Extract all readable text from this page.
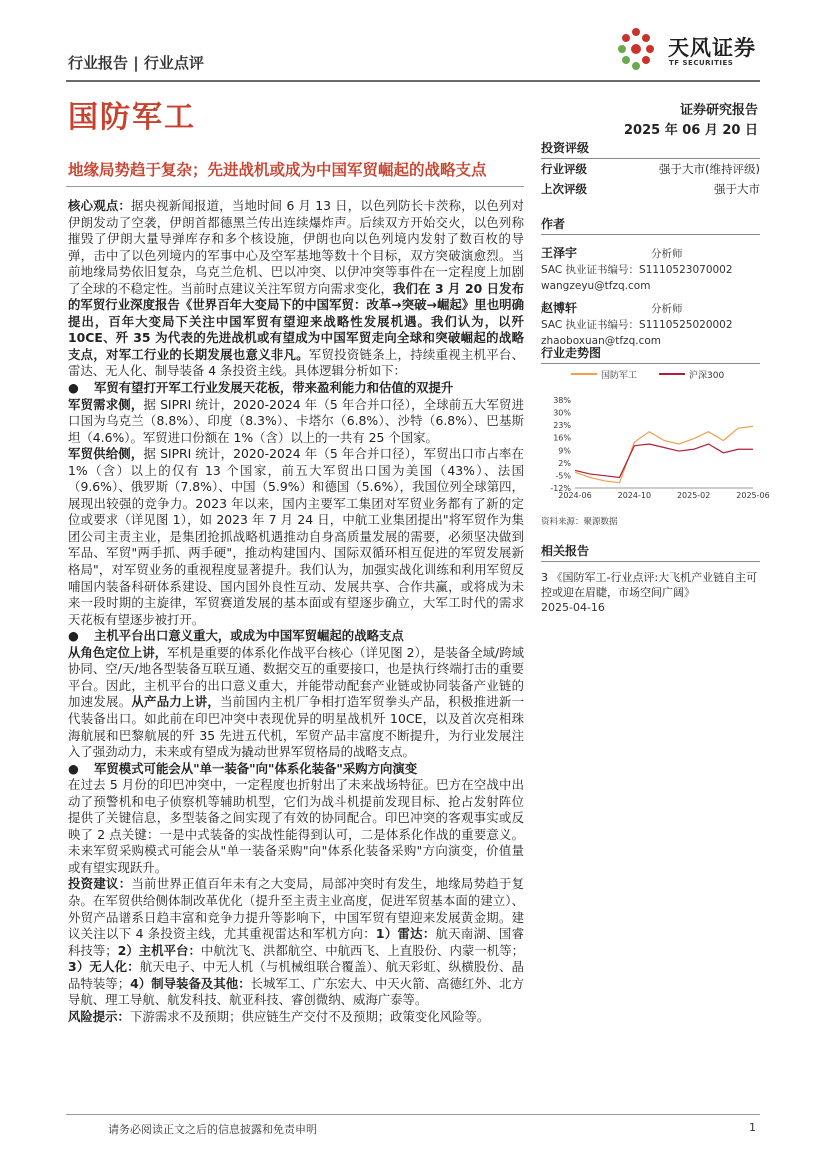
行业报告 | 行业点评
天风证券
TF SECURITIES
国防军工	证券研究报告
2025 年 06 月 20 日
地缘局势趋于复杂；先进战机或成为中国军贸崛起的战略支点

核心观点：据央视新闻报道，当地时间 6 月 13 日，以色列防长卡茨称，以色列对伊朗发动了空袭，伊朗首都德黑兰传出连续爆炸声。后续双方开始交火，以色列称摧毁了伊朗大量导弹库存和多个核设施，伊朗也向以色列境内发射了数百枚的导弹，击中了以色列境内的军事中心及空军基地等数十个目标，双方突破演愈烈。当前地缘局势依旧复杂，乌克兰危机、巴以冲突、以伊冲突等事件在一定程度上加剧了全球的不稳定性。当前时点建议关注军贸方向需求变化，我们在 3 月 20 日发布的军贸行业深度报告《世界百年大变局下的中国军贸：改革→突破→崛起》里也明确提出，百年大变局下关注中国军贸有望迎来战略性发展机遇。我们认为，以歼 10CE、歼 35 为代表的先进战机或有望成为中国军贸走向全球和突破崛起的战略支点，对军工行业的长期发展也意义非凡。军贸投资链条上，持续重视主机平台、雷达、无人化、制导装备 4 条投资主线。具体逻辑分析如下：

● 军贸有望打开军工行业发展天花板，带来盈利能力和估值的双提升

军贸需求侧，据 SIPRI 统计，2020-2024 年（5 年合并口径），全球前五大军贸进口国为乌克兰（8.8%）、印度（8.3%）、卡塔尔（6.8%）、沙特（6.8%）、巴基斯坦（4.6%）。军贸进口份额在 1%（含）以上的一共有 25 个国家。

军贸供给侧，据 SIPRI 统计，2020-2024 年（5 年合并口径），军贸出口市占率在 1%（含）以上的仅有 13 个国家，前五大军贸出口国为美国（43%）、法国（9.6%）、俄罗斯（7.8%）、中国（5.9%）和德国（5.6%），我国位列全球第四，展现出较强的竞争力。2023 年以来，国内主要军工集团对军贸业务都有了新的定位或要求（详见图 1），如 2023 年 7 月 24 日，中航工业集团提出"将军贸作为集团公司主责主业，是集团抢抓战略机遇推动自身高质量发展的需要，必须坚决做到军品、军贸"两手抓、两手硬"，推动构建国内、国际双循环相互促进的军贸发展新格局"，对军贸业务的重视程度显著提升。我们认为，加强实战化训练和利用军贸反哺国内装备科研体系建设、国内国外良性互动、发展共享、合作共赢，或将成为未来一段时期的主旋律，军贸赛道发展的基本面或有望逐步确立，大军工时代的需求天花板有望逐步被打开。

● 主机平台出口意义重大，或成为中国军贸崛起的战略支点

从角色定位上讲，军机是重要的体系化作战平台核心（详见图 2），是装备全域/跨域协同、空/天/地各型装备互联互通、数据交互的重要接口，也是执行终端打击的重要平台。因此，主机平台的出口意义重大，并能带动配套产业链或协同装备产业链的加速发展。从产品力上讲，当前国内主机厂争相打造军贸拳头产品，积极推进新一代装备出口。如此前在印巴冲突中表现优异的明星战机歼 10CE，以及首次亮相珠海航展和巴黎航展的歼 35 先进五代机，军贸产品丰富度不断提升，为行业发展注入了强劲动力，未来或有望成为撬动世界军贸格局的战略支点。

● 军贸模式可能会从"单一装备"向"体系化装备"采购方向演变

在过去 5 月份的印巴冲突中，一定程度也折射出了未来战场特征。巴方在空战中出动了预警机和电子侦察机等辅助机型，它们为战斗机提前发现目标、抢占发射阵位提供了关键信息，多型装备之间实现了有效的协同配合。印巴冲突的客观事实或反映了 2 点关键：一是中式装备的实战性能得到认可，二是体系化作战的重要意义。未来军贸采购模式可能会从"单一装备采购"向"体系化装备采购"方向演变，价值量或有望实现跃升。

投资建议：当前世界正值百年未有之大变局，局部冲突时有发生，地缘局势趋于复杂。在军贸供给侧体制改革优化（提升至主责主业高度，促进军贸基本面的建立）、外贸产品谱系日趋丰富和竞争力提升等影响下，中国军贸有望迎来发展黄金期。建议关注以下 4 条投资主线，尤其重视雷达和军机方向：1）雷达：航天南湖、国睿科技等；2）主机平台：中航沈飞、洪都航空、中航西飞、上直股份、内蒙一机等；3）无人化：航天电子、中无人机（与机械组联合覆盖）、航天彩虹、纵横股份、晶品特装等；4）制导装备及其他：长城军工、广东宏大、中天火箭、高德红外、北方导航、理工导航、航发科技、航亚科技、睿创微纳、威海广泰等。

风险提示：下游需求不及预期；供应链生产交付不及预期；政策变化风险等。

投资评级
行业评级	强于大市(维持评级)
上次评级	强于大市
作者
王泽宇	分析师
SAC 执业证书编号：S1110523070002
wangzeyu@tfzq.com
赵博轩	分析师
SAC 执业证书编号：S1110525020002
zhaoboxuan@tfzq.com
行业走势图
国防军工	沪深300
-12%
-5%
2%
9%
16%
23%
30%
38%
2024-06	2024-10	2025-02	2025-06
资料来源：聚源数据
相关报告
3 《国防军工-行业点评:大飞机产业链自主可控或迎在眉睫，市场空间广阔》
2025-04-16
请务必阅读正文之后的信息披露和免责申明	1
